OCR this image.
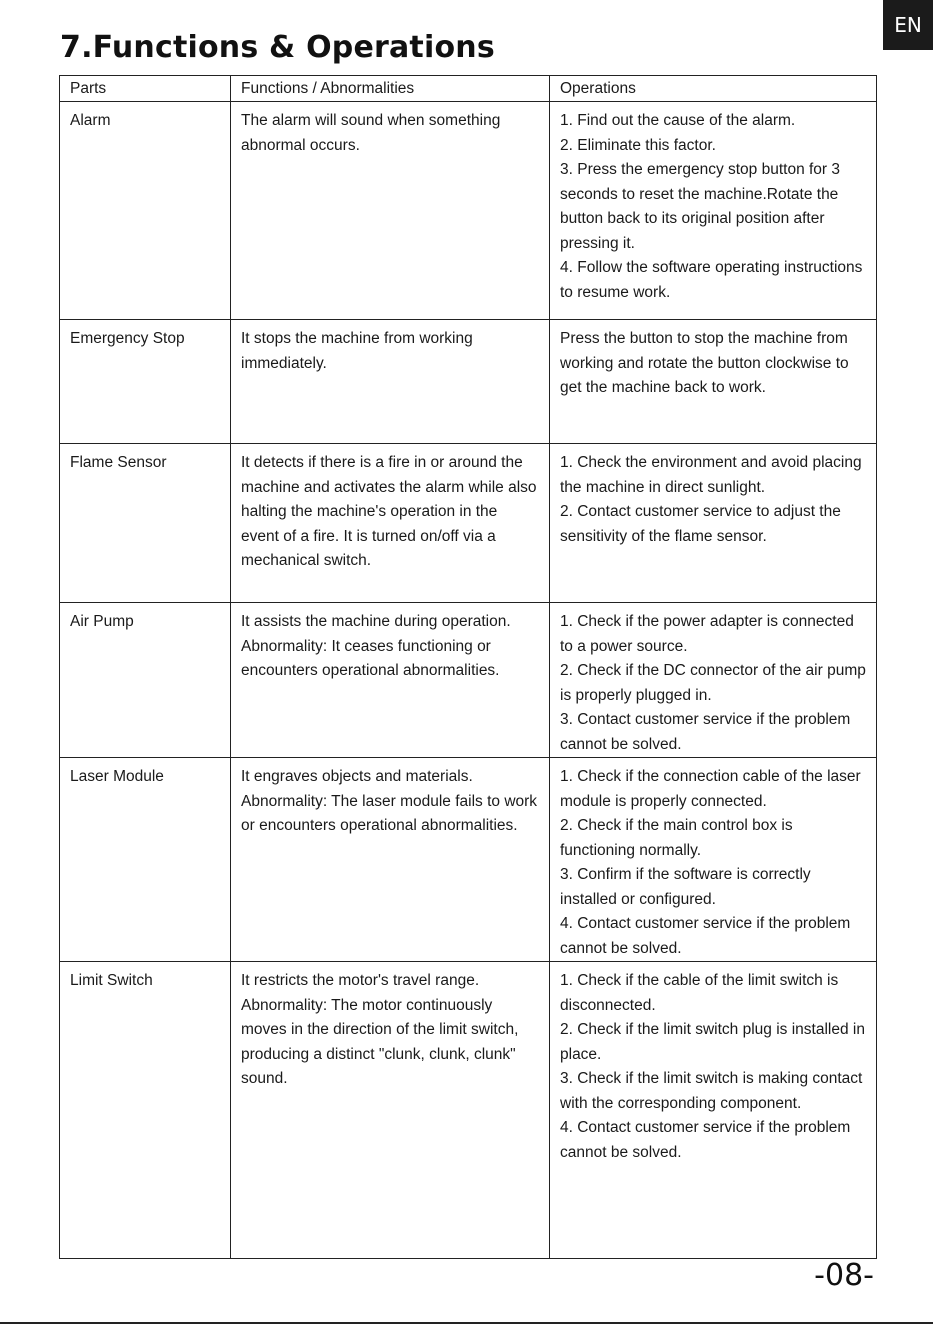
7.Functions & Operations
EN
Parts	Functions / Abnormalities	Operations
Alarm	The alarm will sound when something abnormal occurs.	1. Find out the cause of the alarm.
2. Eliminate this factor.
3. Press the emergency stop button for 3 seconds to reset the machine.Rotate the button back to its original position after pressing it.
4. Follow the software operating instructions to resume work.

Emergency Stop	It stops the machine from working immediately.	Press the button to stop the machine from working and rotate the button clockwise to get the machine back to work.

Flame Sensor	It detects if there is a fire in or around the machine and activates the alarm while also halting the machine's operation in the event of a fire. It is turned on/off via a mechanical switch.	1. Check the environment and avoid placing the machine in direct sunlight.
2. Contact customer service to adjust the sensitivity of the flame sensor.

Air Pump	It assists the machine during operation.
Abnormality: It ceases functioning or encounters operational abnormalities.	1. Check if the power adapter is connected to a power source.
2. Check if the DC connector of the air pump is properly plugged in.
3. Contact customer service if the problem cannot be solved.

Laser Module	It engraves objects and materials.
Abnormality: The laser module fails to work or encounters operational abnormalities.	1. Check if the connection cable of the laser module is properly connected.
2. Check if the main control box is functioning normally.
3. Confirm if the software is correctly installed or configured.
4. Contact customer service if the problem cannot be solved.

Limit Switch	It restricts the motor's travel range.
Abnormality: The motor continuously moves in the direction of the limit switch, producing a distinct "clunk, clunk, clunk" sound.	1. Check if the cable of the limit switch is disconnected.
2. Check if the limit switch plug is installed in place.
3. Check if the limit switch is making contact with the corresponding component.
4. Contact customer service if the problem cannot be solved.
-08-
